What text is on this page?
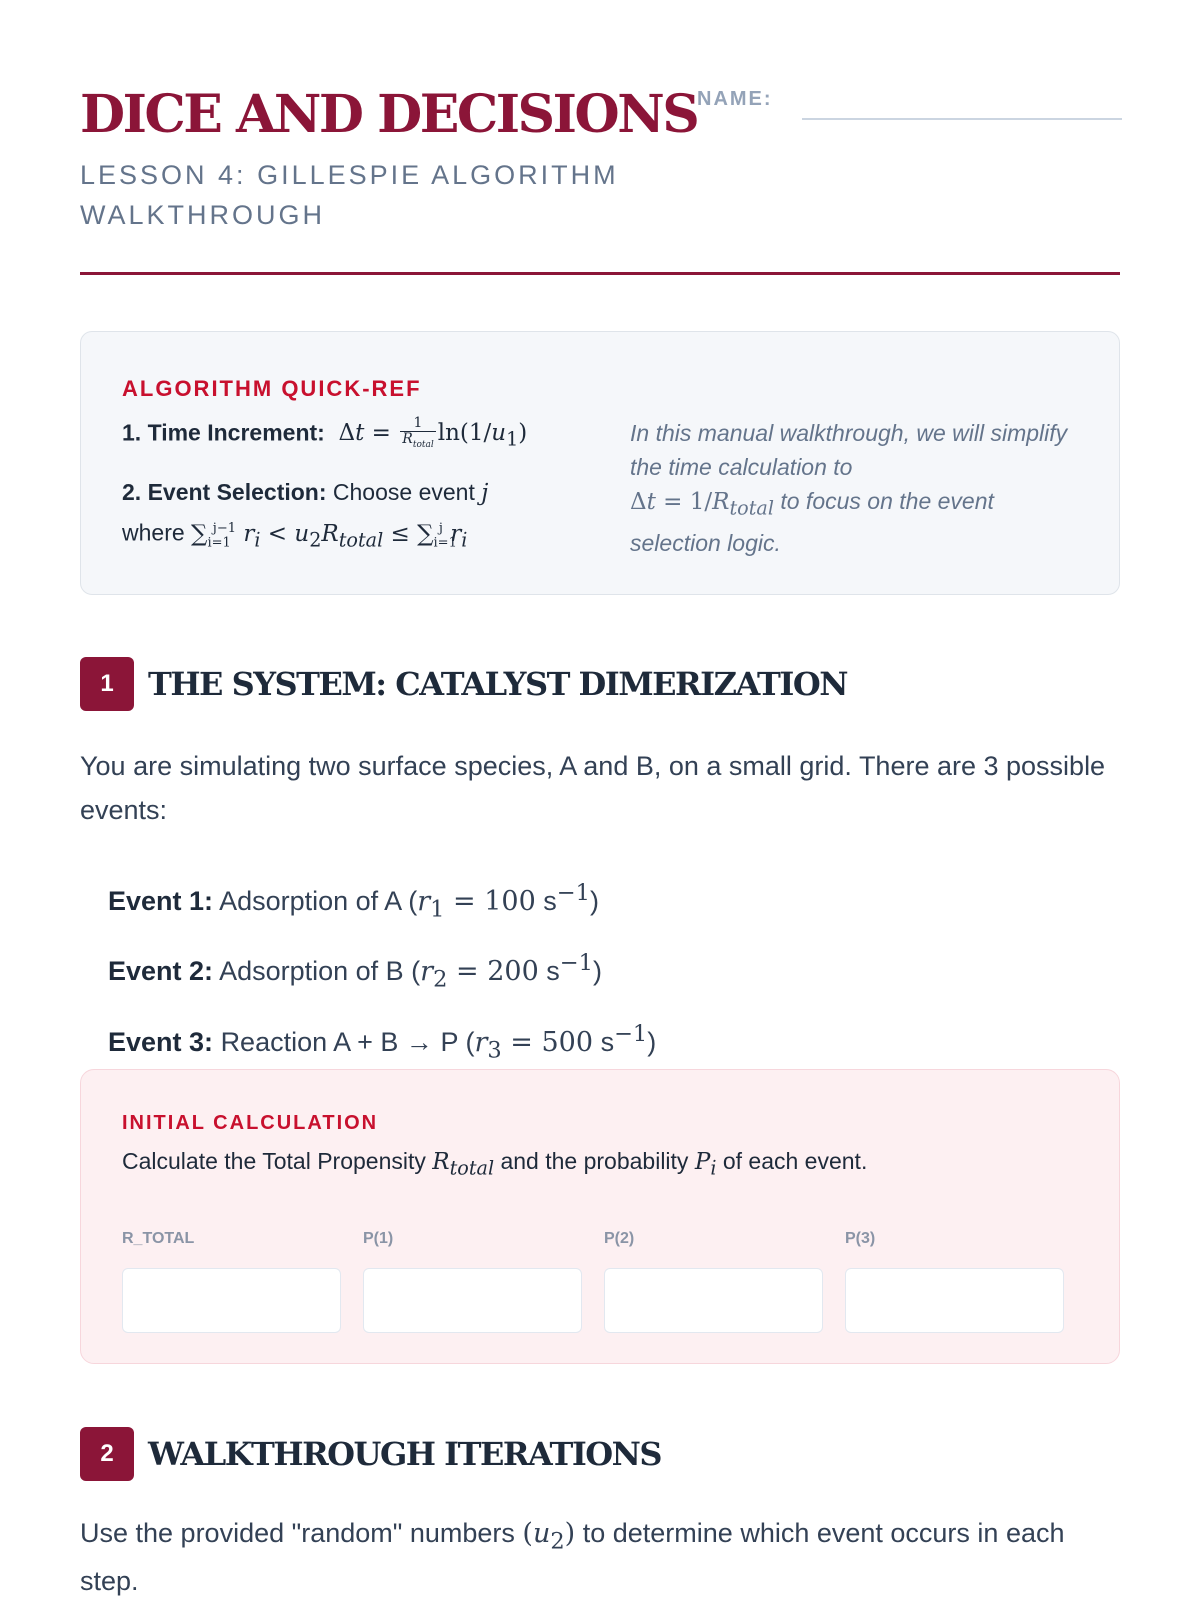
DICE AND DECISIONS
LESSON 4: GILLESPIE ALGORITHM WALKTHROUGH
NAME:
ALGORITHM QUICK-REF
1. Time Increment:  $\Delta t = \frac{1}{R_{total}} \ln(1/u_1)$
2. Event Selection: Choose event j
where $\sum_{i=1}^{j-1}$ $r_i < u_2R_{total} \le \sum_{i=1}^j$ $r_i$
In this manual walkthrough, we will simplify the time calculation to
$\Delta t = 1/R_{total}$ to focus on the event selection logic.
1	THE SYSTEM: CATALYST DIMERIZATION
You are simulating two surface species, A and B, on a small grid. There are 3 possible events:
Event 1: Adsorption of A ($r_1 = 100$ $s^{-1}$)
Event 2: Adsorption of B ($r_2 = 200$ $s^{-1}$)
Event 3: Reaction A + B → P ($r_3 = 500$ $s^{-1}$)
INITIAL CALCULATION
Calculate the Total Propensity $R_{total}$ and the probability $P_i$ of each event.
R_TOTAL	P(1)	P(2)	P(3)
2	WALKTHROUGH ITERATIONS
Use the provided "random" numbers $(u_2)$ to determine which event occurs in each step.
